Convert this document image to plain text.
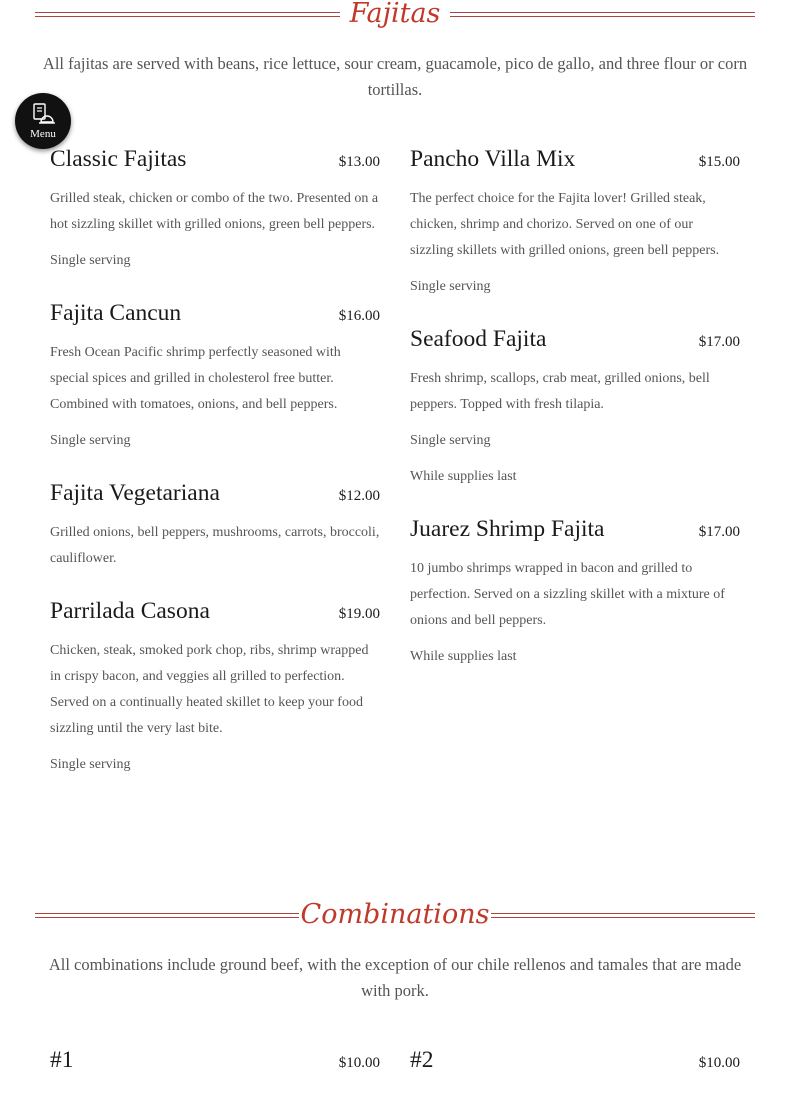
Fajitas
All fajitas are served with beans, rice lettuce, sour cream, guacamole, pico de gallo, and three flour or corn tortillas.
Classic Fajitas	$13.00
Grilled steak, chicken or combo of the two. Presented on a hot sizzling skillet with grilled onions, green bell peppers.
Single serving
Fajita Cancun	$16.00
Fresh Ocean Pacific shrimp perfectly seasoned with special spices and grilled in cholesterol free butter. Combined with tomatoes, onions, and bell peppers.
Single serving
Fajita Vegetariana	$12.00
Grilled onions, bell peppers, mushrooms, carrots, broccoli, cauliflower.
Parrilada Casona	$19.00
Chicken, steak, smoked pork chop, ribs, shrimp wrapped in crispy bacon, and veggies all grilled to perfection. Served on a continually heated skillet to keep your food sizzling until the very last bite.
Single serving
Pancho Villa Mix	$15.00
The perfect choice for the Fajita lover! Grilled steak, chicken, shrimp and chorizo. Served on one of our sizzling skillets with grilled onions, green bell peppers.
Single serving
Seafood Fajita	$17.00
Fresh shrimp, scallops, crab meat, grilled onions, bell peppers. Topped with fresh tilapia.
Single serving
While supplies last
Juarez Shrimp Fajita	$17.00
10 jumbo shrimps wrapped in bacon and grilled to perfection. Served on a sizzling skillet with a mixture of onions and bell peppers.
While supplies last
Combinations
All combinations include ground beef, with the exception of our chile rellenos and tamales that are made with pork.
#1	$10.00 #2	$10.00
Menu
